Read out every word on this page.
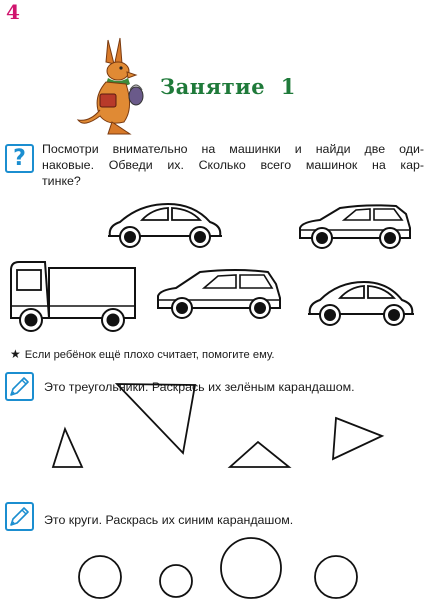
4
Занятие  1
?	Посмотри внимательно на машинки и найди две оди-
наковые. Обведи их. Сколько всего машинок на кар-
тинке?
★ Если ребёнок ещё плохо считает, помогите ему.
Это треугольники. Раскрась их зелёным карандашом.
Это круги. Раскрась их синим карандашом.
